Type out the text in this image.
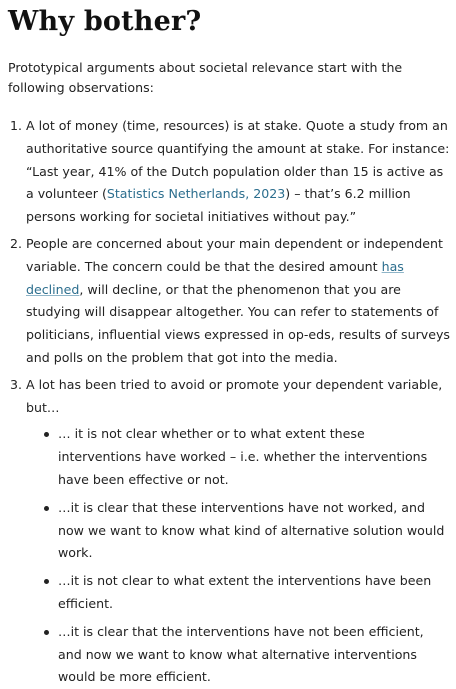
Why bother?

Prototypical arguments about societal relevance start with the following observations:

1. A lot of money (time, resources) is at stake. Quote a study from an authoritative source quantifying the amount at stake. For instance: “Last year, 41% of the Dutch population older than 15 is active as a volunteer (Statistics Netherlands, 2023) – that’s 6.2 million persons working for societal initiatives without pay.”
2. People are concerned about your main dependent or independent variable. The concern could be that the desired amount has declined, will decline, or that the phenomenon that you are studying will disappear altogether. You can refer to statements of politicians, influential views expressed in op-eds, results of surveys and polls on the problem that got into the media.
3. A lot has been tried to avoid or promote your dependent variable, but…
… it is not clear whether or to what extent these interventions have worked – i.e. whether the interventions have been effective or not.
…it is clear that these interventions have not worked, and now we want to know what kind of alternative solution would work.
…it is not clear to what extent the interventions have been efficient.
…it is clear that the interventions have not been efficient, and now we want to know what alternative interventions would be more efficient.
